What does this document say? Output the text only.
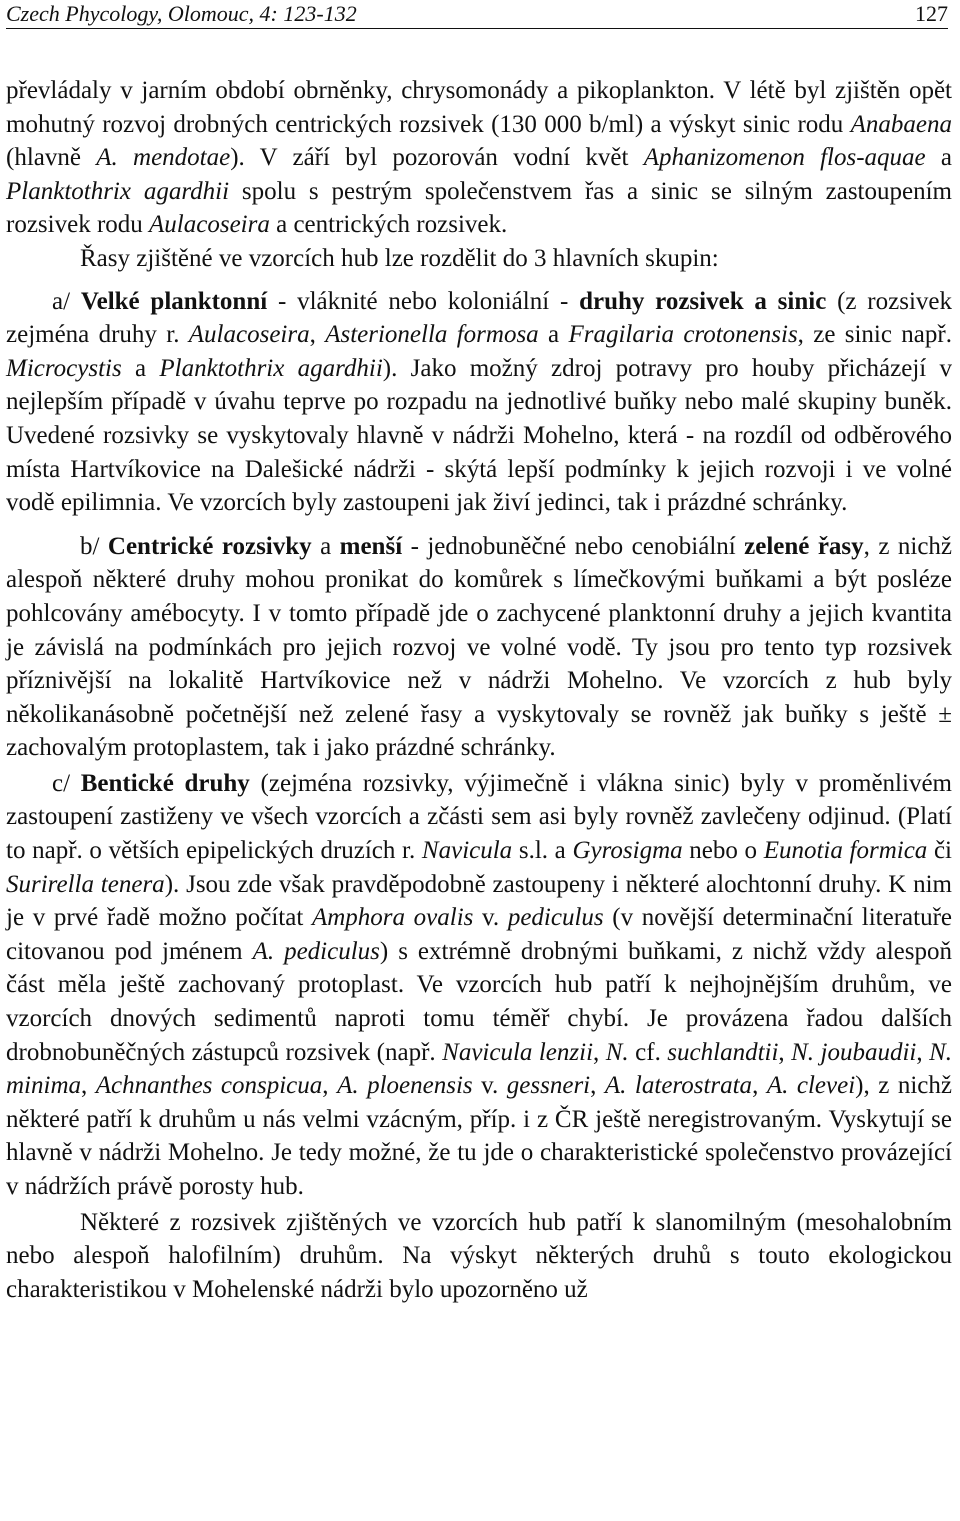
Czech Phycology, Olomouc, 4: 123-132	127

převládaly v jarním období obrněnky, chrysomonády a pikoplankton. V létě byl zjištěn opět mohutný rozvoj drobných centrických rozsivek (130 000 b/ml) a výskyt sinic rodu Anabaena (hlavně A. mendotae). V září byl pozorován vodní květ Aphanizomenon flos-aquae a Planktothrix agardhii spolu s pestrým společenstvem řas a sinic se silným zastoupením rozsivek rodu Aulacoseira a centrických rozsivek.

Řasy zjištěné ve vzorcích hub lze rozdělit do 3 hlavních skupin:

a/ Velké planktonní - vláknité nebo koloniální - druhy rozsivek a sinic (z rozsivek zejména druhy r. Aulacoseira, Asterionella formosa a Fragilaria crotonensis, ze sinic např. Microcystis a Planktothrix agardhii). Jako možný zdroj potravy pro houby přicházejí v nejlepším případě v úvahu teprve po rozpadu na jednotlivé buňky nebo malé skupiny buněk. Uvedené rozsivky se vyskytovaly hlavně v nádrži Mohelno, která - na rozdíl od odběrového místa Hartvíkovice na Dalešické nádrži - skýtá lepší podmínky k jejich rozvoji i ve volné vodě epilimnia. Ve vzorcích byly zastoupeni jak živí jedinci, tak i prázdné schránky.

b/ Centrické rozsivky a menší - jednobuněčné nebo cenobiální zelené řasy, z nichž alespoň některé druhy mohou pronikat do komůrek s límečkovými buňkami a být posléze pohlcovány amébocyty. I v tomto případě jde o zachycené planktonní druhy a jejich kvantita je závislá na podmínkách pro jejich rozvoj ve volné vodě. Ty jsou pro tento typ rozsivek příznivější na lokalitě Hartvíkovice než v nádrži Mohelno. Ve vzorcích z hub byly několikanásobně početnější než zelené řasy a vyskytovaly se rovněž jak buňky s ještě ± zachovalým protoplastem, tak i jako prázdné schránky.

c/ Bentické druhy (zejména rozsivky, výjimečně i vlákna sinic) byly v proměnlivém zastoupení zastiženy ve všech vzorcích a zčásti sem asi byly rovněž zavlečeny odjinud. (Platí to např. o větších epipelických druzích r. Navicula s.l. a Gyrosigma nebo o Eunotia formica či Surirella tenera). Jsou zde však pravděpodobně zastoupeny i některé alochtonní druhy. K nim je v prvé řadě možno počítat Amphora ovalis v. pediculus (v novější determinační literatuře citovanou pod jménem A. pediculus) s extrémně drobnými buňkami, z nichž vždy alespoň část měla ještě zachovaný protoplast. Ve vzorcích hub patří k nejhojnějším druhům, ve vzorcích dnových sedimentů naproti tomu téměř chybí. Je provázena řadou dalších drobnobuněčných zástupců rozsivek (např. Navicula lenzii, N. cf. suchlandtii, N. joubaudii, N. minima, Achnanthes conspicua, A. ploenensis v. gessneri, A. laterostrata, A. clevei), z nichž některé patří k druhům u nás velmi vzácným, příp. i z ČR ještě neregistrovaným. Vyskytují se hlavně v nádrži Mohelno. Je tedy možné, že tu jde o charakteristické společenstvo provázející v nádržích právě porosty hub.

Některé z rozsivek zjištěných ve vzorcích hub patří k slanomilným (mesohalobním nebo alespoň halofilním) druhům. Na výskyt některých druhů s touto ekologickou charakteristikou v Mohelenské nádrži bylo upozorněno už
